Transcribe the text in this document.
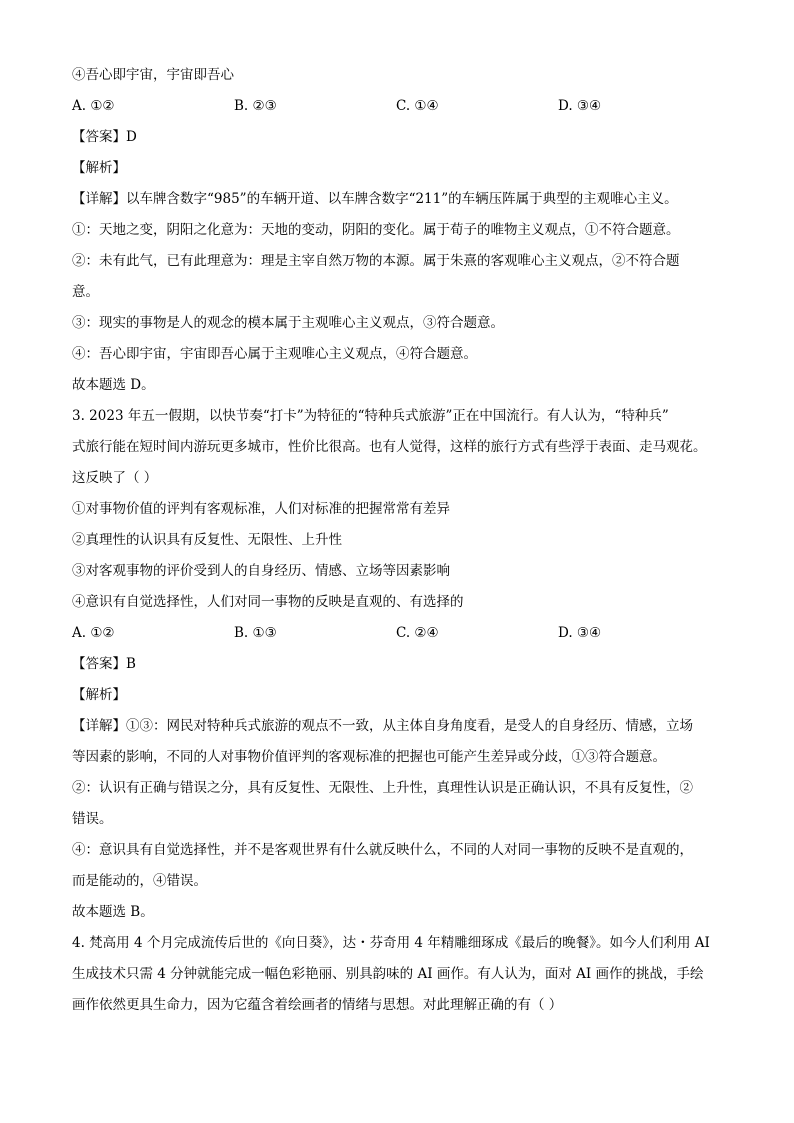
④吾心即宇宙，宇宙即吾心
A. ①②	B. ②③	C. ①④	D. ③④
【答案】D
【解析】
【详解】以车牌含数字“985”的车辆开道、以车牌含数字“211”的车辆压阵属于典型的主观唯心主义。
①：天地之变，阴阳之化意为：天地的变动，阴阳的变化。属于荀子的唯物主义观点，①不符合题意。
②：未有此气，已有此理意为：理是主宰自然万物的本源。属于朱熹的客观唯心主义观点，②不符合题
意。
③：现实的事物是人的观念的模本属于主观唯心主义观点，③符合题意。
④：吾心即宇宙，宇宙即吾心属于主观唯心主义观点，④符合题意。
故本题选 D。
3. 2023 年五一假期，以快节奏“打卡”为特征的“特种兵式旅游”正在中国流行。有人认为，“特种兵”
式旅行能在短时间内游玩更多城市，性价比很高。也有人觉得，这样的旅行方式有些浮于表面、走马观花。
这反映了（ ）
①对事物价值的评判有客观标准，人们对标准的把握常常有差异
②真理性的认识具有反复性、无限性、上升性
③对客观事物的评价受到人的自身经历、情感、立场等因素影响
④意识有自觉选择性，人们对同一事物的反映是直观的、有选择的
A. ①②	B. ①③	C. ②④	D. ③④
【答案】B
【解析】
【详解】①③：网民对特种兵式旅游的观点不一致，从主体自身角度看，是受人的自身经历、情感，立场
等因素的影响，不同的人对事物价值评判的客观标准的把握也可能产生差异或分歧，①③符合题意。
②：认识有正确与错误之分，具有反复性、无限性、上升性，真理性认识是正确认识，不具有反复性，②
错误。
④：意识具有自觉选择性，并不是客观世界有什么就反映什么，不同的人对同一事物的反映不是直观的，
而是能动的，④错误。
故本题选 B。
4. 梵高用 4 个月完成流传后世的《向日葵》，达・芬奇用 4 年精雕细琢成《最后的晚餐》。如今人们利用 AI
生成技术只需 4 分钟就能完成一幅色彩艳丽、别具韵味的 AI 画作。有人认为，面对 AI 画作的挑战，手绘
画作依然更具生命力，因为它蕴含着绘画者的情绪与思想。对此理解正确的有（ ）
